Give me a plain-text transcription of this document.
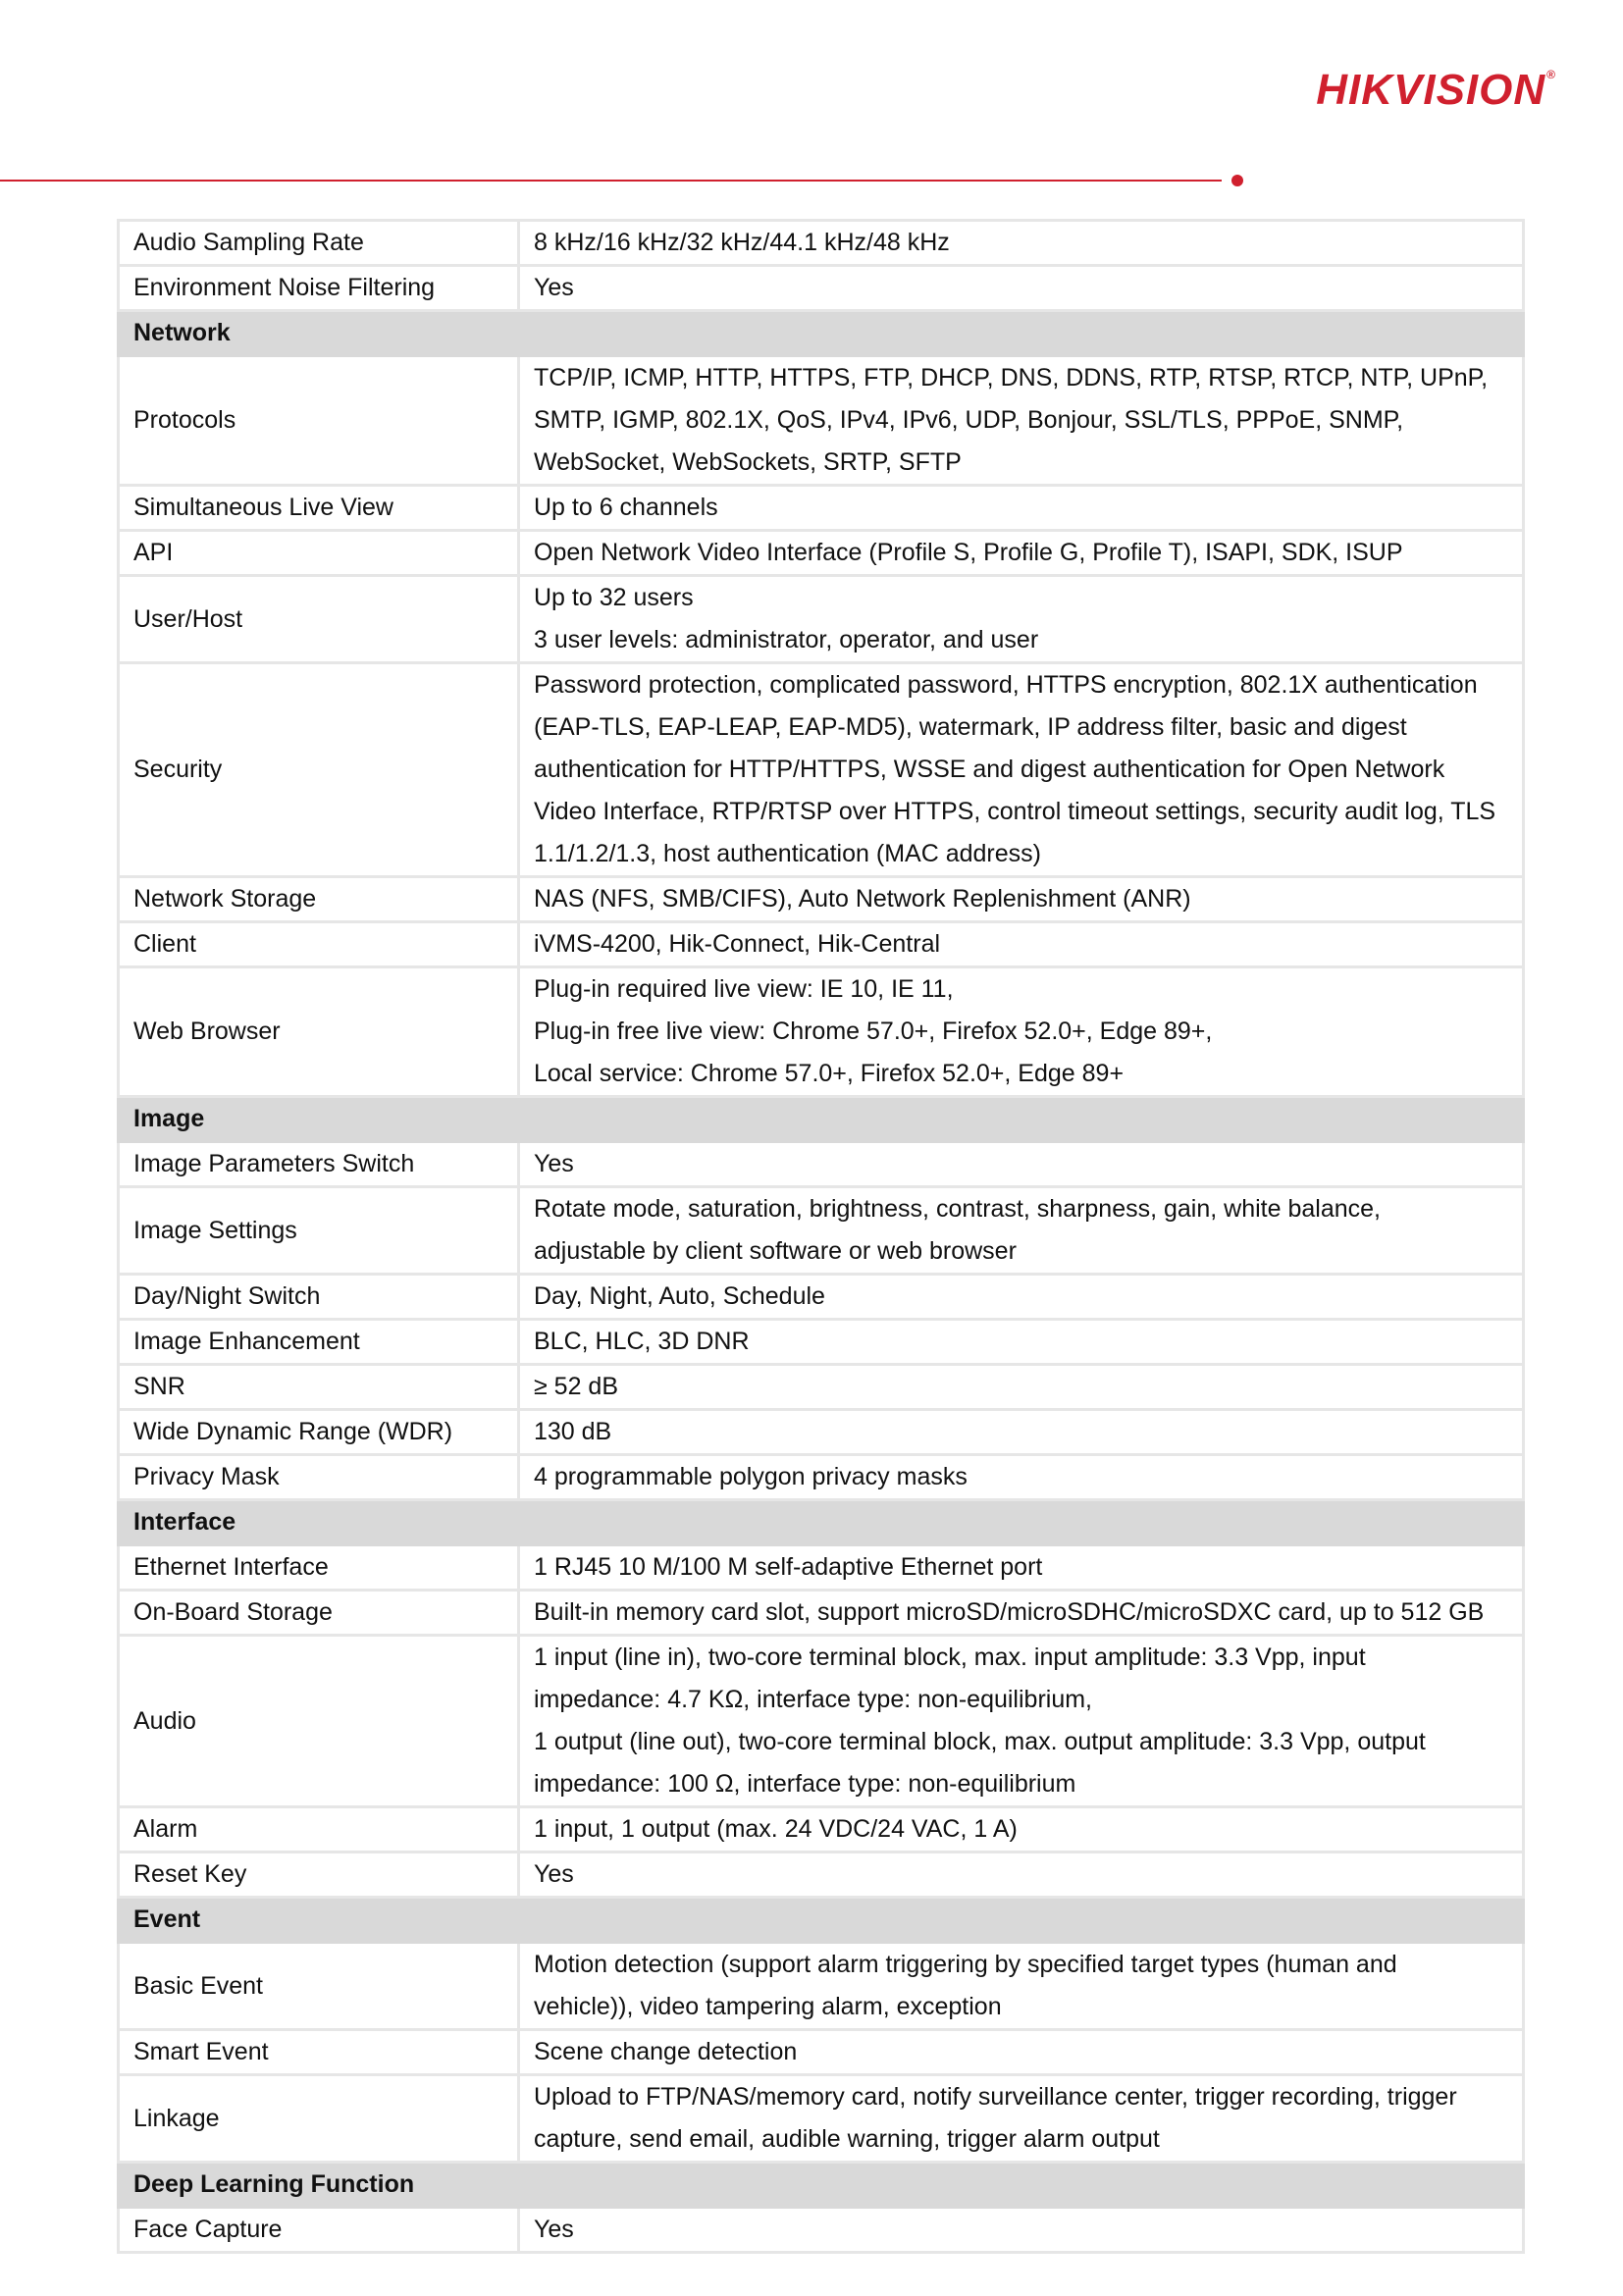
HIKVISION®
Audio Sampling Rate	8 kHz/16 kHz/32 kHz/44.1 kHz/48 kHz
Environment Noise Filtering	Yes
Network	
Protocols	TCP/IP, ICMP, HTTP, HTTPS, FTP, DHCP, DNS, DDNS, RTP, RTSP, RTCP, NTP, UPnP,
SMTP, IGMP, 802.1X, QoS, IPv4, IPv6, UDP, Bonjour, SSL/TLS, PPPoE, SNMP,
WebSocket, WebSockets, SRTP, SFTP

Simultaneous Live View	Up to 6 channels
API	Open Network Video Interface (Profile S, Profile G, Profile T), ISAPI, SDK, ISUP
User/Host	Up to 32 users
3 user levels: administrator, operator, and user

Security	Password protection, complicated password, HTTPS encryption, 802.1X authentication
(EAP-TLS, EAP-LEAP, EAP-MD5), watermark, IP address filter, basic and digest
authentication for HTTP/HTTPS, WSSE and digest authentication for Open Network
Video Interface, RTP/RTSP over HTTPS, control timeout settings, security audit log, TLS
1.1/1.2/1.3, host authentication (MAC address)

Network Storage	NAS (NFS, SMB/CIFS), Auto Network Replenishment (ANR)
Client	iVMS-4200, Hik-Connect, Hik-Central
Web Browser	Plug-in required live view: IE 10, IE 11,
Plug-in free live view: Chrome 57.0+, Firefox 52.0+, Edge 89+,
Local service: Chrome 57.0+, Firefox 52.0+, Edge 89+

Image	
Image Parameters Switch	Yes
Image Settings	Rotate mode, saturation, brightness, contrast, sharpness, gain, white balance,
adjustable by client software or web browser

Day/Night Switch	Day, Night, Auto, Schedule
Image Enhancement	BLC, HLC, 3D DNR
SNR	≥ 52 dB
Wide Dynamic Range (WDR)	130 dB
Privacy Mask	4 programmable polygon privacy masks
Interface	
Ethernet Interface	1 RJ45 10 M/100 M self-adaptive Ethernet port
On-Board Storage	Built-in memory card slot, support microSD/microSDHC/microSDXC card, up to 512 GB
Audio	1 input (line in), two-core terminal block, max. input amplitude: 3.3 Vpp, input
impedance: 4.7 KΩ, interface type: non-equilibrium,
1 output (line out), two-core terminal block, max. output amplitude: 3.3 Vpp, output
impedance: 100 Ω, interface type: non-equilibrium

Alarm	1 input, 1 output (max. 24 VDC/24 VAC, 1 A)
Reset Key	Yes
Event	
Basic Event	Motion detection (support alarm triggering by specified target types (human and
vehicle)), video tampering alarm, exception

Smart Event	Scene change detection
Linkage	Upload to FTP/NAS/memory card, notify surveillance center, trigger recording, trigger
capture, send email, audible warning, trigger alarm output

Deep Learning Function	
Face Capture	Yes
